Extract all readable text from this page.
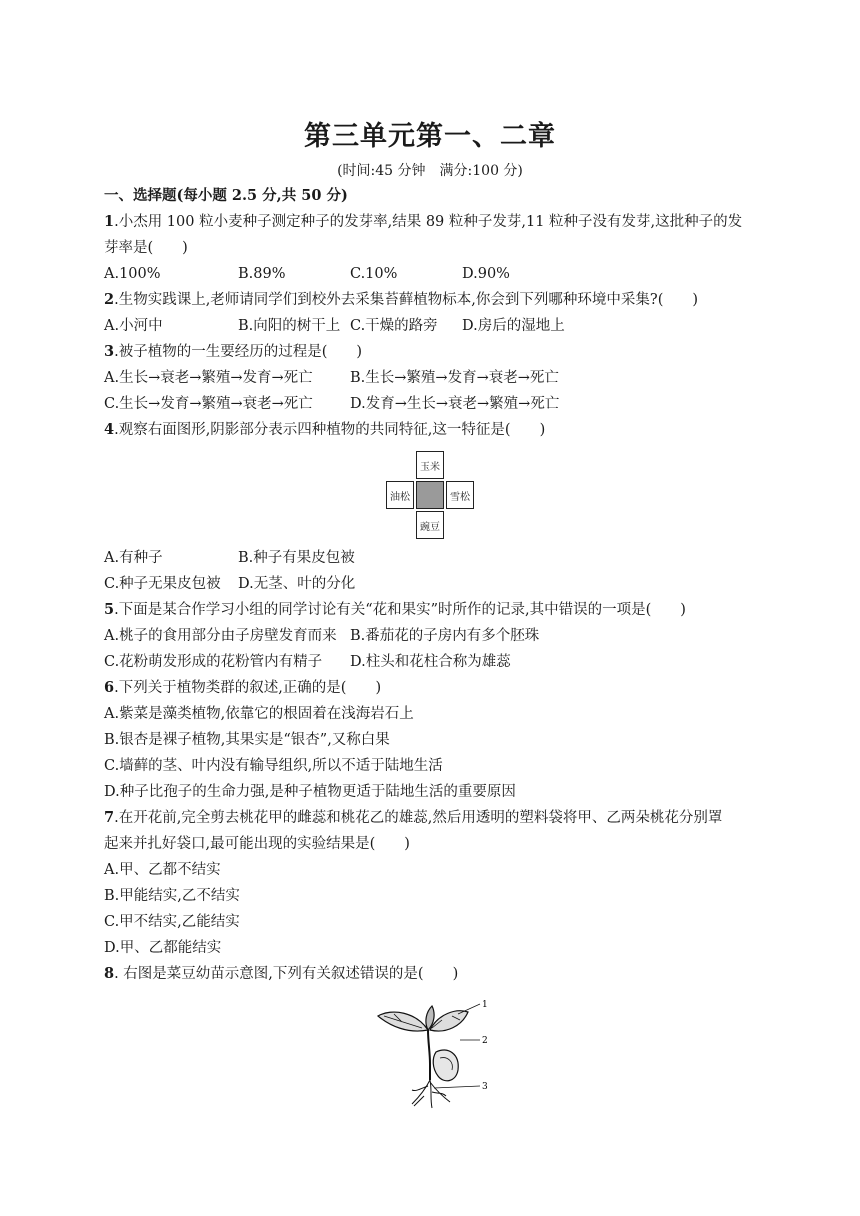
第三单元第一、二章
(时间:45 分钟　满分:100 分)
一、选择题(每小题 2.5 分,共 50 分)
1.小杰用 100 粒小麦种子测定种子的发芽率,结果 89 粒种子发芽,11 粒种子没有发芽,这批种子的发
芽率是(　　)
A.100%	B.89%	C.10%	D.90%
2.生物实践课上,老师请同学们到校外去采集苔藓植物标本,你会到下列哪种环境中采集?(　　)
A.小河中	B.向阳的树干上 C.干燥的路旁 D.房后的湿地上
3.被子植物的一生要经历的过程是(　　)
A.生长→衰老→繁殖→发育→死亡	B.生长→繁殖→发育→衰老→死亡
C.生长→发育→繁殖→衰老→死亡	D.发育→生长→衰老→繁殖→死亡
4.观察右面图形,阴影部分表示四种植物的共同特征,这一特征是(　　)
玉米
油松	雪松
豌豆
A.有种子	B.种子有果皮包被
C.种子无果皮包被 D.无茎、叶的分化
5.下面是某合作学习小组的同学讨论有关“花和果实”时所作的记录,其中错误的一项是(　　)
A.桃子的食用部分由子房壁发育而来 B.番茄花的子房内有多个胚珠
C.花粉萌发形成的花粉管内有精子 D.柱头和花柱合称为雄蕊
6.下列关于植物类群的叙述,正确的是(　　)
A.紫菜是藻类植物,依靠它的根固着在浅海岩石上
B.银杏是裸子植物,其果实是“银杏”,又称白果
C.墙藓的茎、叶内没有输导组织,所以不适于陆地生活
D.种子比孢子的生命力强,是种子植物更适于陆地生活的重要原因
7.在开花前,完全剪去桃花甲的雌蕊和桃花乙的雄蕊,然后用透明的塑料袋将甲、乙两朵桃花分别罩
起来并扎好袋口,最可能出现的实验结果是(　　)
A.甲、乙都不结实
B.甲能结实,乙不结实
C.甲不结实,乙能结实
D.甲、乙都能结实
8. 右图是菜豆幼苗示意图,下列有关叙述错误的是(　　)
1
2
3
